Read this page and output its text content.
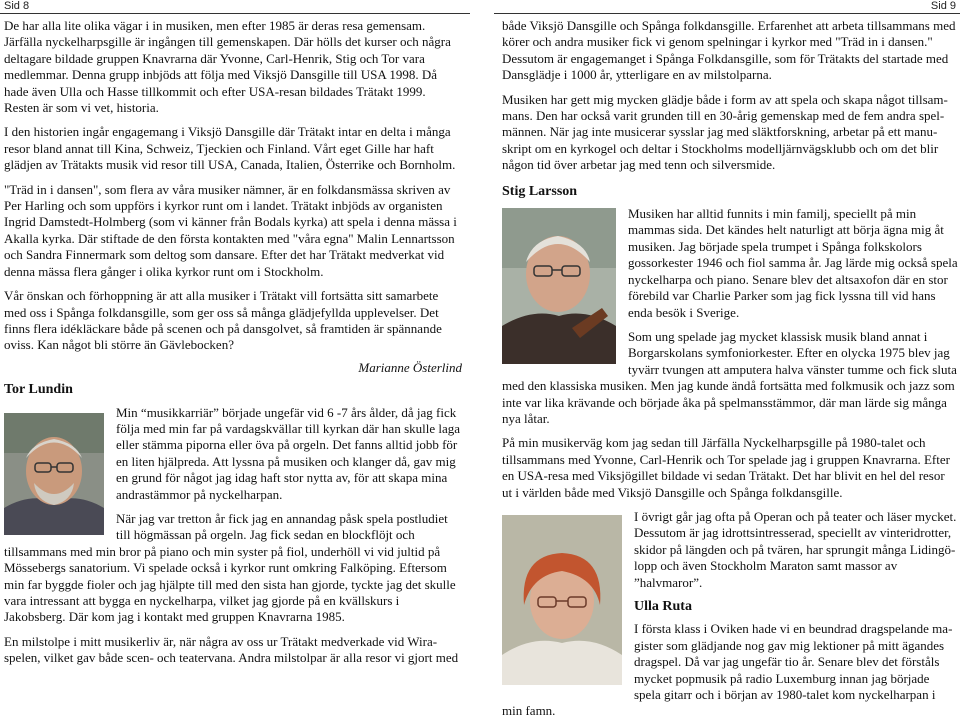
Sid 8	Sid 9

De har alla lite olika vägar i in musiken, men efter 1985 är deras resa gemensam. Järfälla nyckelharpsgille är ingången till gemenskapen. Där hölls det kurser och några deltagare bildade gruppen Knavrarna där Yvonne, Carl-Henrik, Stig och Tor vara medlemmar. Denna grupp inbjöds att följa med Viksjö Dansgille till USA 1998. Då hade även Ulla och Hasse tillkommit och efter USA-resan bildades Trätakt 1999. Resten är som vi vet, historia.

I den historien ingår engagemang i Viksjö Dansgille där Trätakt intar en delta i många resor bland annat till Kina, Schweiz, Tjeckien och Finland. Vårt eget Gille har haft glädjen av Trätakts musik vid resor till USA, Canada, Italien, Österrike och Bornholm.

"Träd in i dansen", som flera av våra musiker nämner, är en folkdansmässa skriven av Per Harling och som uppförs i kyrkor runt om i landet. Trätakt inbjöds av organisten Ingrid Damstedt-Holmberg (som vi känner från Bodals kyrka) att spela i denna mässa i Akalla kyrka. Där stiftade de den första kontakten med "våra egna" Malin Lennartsson och Sandra Finnermark som deltog som dansare. Efter det har Trätakt medverkat vid denna mässa flera gånger i olika kyrkor runt om i Stockholm.

Vår önskan och förhoppning är att alla musiker i Trätakt vill fortsätta sitt samarbete med oss i Spånga folkdansgille, som ger oss så många glädjefyllda upplevelser. Det finns flera idékläckare både på scenen och på dansgolvet, så framtiden är spännande oviss. Kan något bli större än Gävlebocken?

Marianne Österlind
Tor Lundin

Min “musikkarriär” började ungefär vid 6 -7 års ålder, då jag fick följa med min far på vardagskvällar till kyrkan där han skulle laga eller stämma piporna eller öva på orgeln. Det fanns alltid jobb för en liten hjälpreda. Att lyssna på musiken och klanger då, gav mig en grund för något jag idag haft stor nytta av, för att skapa mina andrastämmor på nyckelharpan.

När jag var tretton år fick jag en annandag påsk spela postludiet till högmässan på orgeln. Jag fick sedan en blockflöjt och tillsammans med min bror på piano och min syster på fiol, underhöll vi vid jultid på Mössebergs sanatorium. Vi spelade också i kyrkor runt omkring Falköping. Eftersom min far byggde fioler och jag hjälpte till med den sista han gjorde, tyckte jag det skulle vara intressant att bygga en nyckelharpa, vilket jag gjorde på en kvällskurs i Jakobsberg. Där kom jag i kontakt med gruppen Knavrarna 1985.

En milstolpe i mitt musikerliv är, när några av oss ur Trätakt medverkade vid Wira-spelen, vilket gav både scen- och teatervana. Andra milstolpar är alla resor vi gjort med

både Viksjö Dansgille och Spånga folkdansgille. Erfarenhet att arbeta tillsammans med körer och andra musiker fick vi genom spelningar i kyrkor med "Träd in i dansen." Dessutom är engagemanget i Spånga Folkdansgille, som för Trätakts del startade med Dansglädje i 1000 år, ytterligare en av milstolparna.

Musiken har gett mig mycken glädje både i form av att spela och skapa något tillsam-mans. Den har också varit grunden till en 30-årig gemenskap med de fem andra spel-männen. När jag inte musicerar sysslar jag med släktforskning, arbetar på ett manu-skript om en kyrkogel och deltar i Stockholms modelljärnvägsklubb och om det blir någon tid över arbetar jag med tenn och silversmide.

Stig Larsson

Musiken har alltid funnits i min familj, speciellt på min mammas sida. Det kändes helt naturligt att börja ägna mig åt musiken. Jag började spela trumpet i Spånga folkskolors gossorkester 1946 och fiol samma år. Jag lärde mig också spela nyckelharpa och piano. Senare blev det altsaxofon där en stor förebild var Charlie Parker som jag fick lyssna till vid hans enda besök i Sverige.

Som ung spelade jag mycket klassisk musik bland annat i Borgarskolans symfoniorkester. Efter en olycka 1975 blev jag tyvärr tvungen att amputera halva vänster tumme och fick sluta med den klassiska musiken. Men jag kunde ändå fortsätta med folkmusik och jazz som inte var lika krävande och började åka på spelmansstämmor, där man lärde sig många nya låtar.

På min musikerväg kom jag sedan till Järfälla Nyckelharpsgille på 1980-talet och tillsammans med Yvonne, Carl-Henrik och Tor spelade jag i gruppen Knavrarna. Efter en USA-resa med Viksjögillet bildade vi sedan Trätakt. Det har blivit en hel del resor ut i världen både med Viksjö Dansgille och Spånga folkdansgille.

I övrigt går jag ofta på Operan och på teater och läser mycket. Dessutom är jag idrottsintresserad, speciellt av vinteridrotter, skidor på längden och på tvären, har sprungit många Lidingö-lopp och även Stockholm Maraton samt massor av ”halvmaror”.

Ulla Ruta

I första klass i Oviken hade vi en beundrad dragspelande ma-gister som glädjande nog gav mig lektioner på mitt ägandes dragspel. Då var jag ungefär tio år. Senare blev det förståls mycket popmusik på radio Luxemburg innan jag började spela gitarr och i början av 1980-talet kom nyckelharpan i min famn.
